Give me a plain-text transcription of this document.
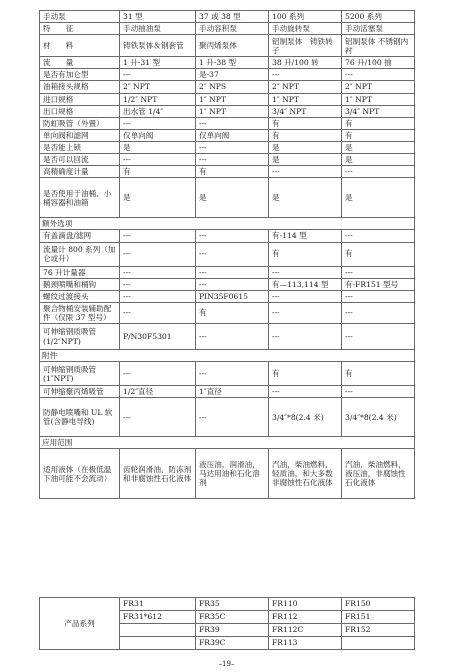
手动泵	31 型	37 或 38 型	100 系列	5200 系列
特　　征	手动抽油泵	手动容积泵	手动旋转泵	手动活塞泵
材　　料	铸铁泵体＆钢套管	聚丙烯泵体	铝制泵体　铸铁转子	铝制泵体 不锈钢内衬
流　　量	1 升-31 型	1 升-38 型	38 升/100 转	76 升/100 抽
是否有加仑型	---	是-37	---	---
油箱接头规格	2″ NPT	2″ NPS	2″ NPT	2″ NPT
进口规格	1/2″ NPT	1″ NPT	1″ NPT	1″ NPT
出口规格	出水管 1/4″	1″ NPT	3/4″ NPT	3/4″ NPT
防虹吸管（外置）	---	---	有	有
单向阀和滤网	仅单向阀	仅单向阀	有	有
是否能上锁	是	---	是	是
是否可以回流	---	---	是	是
高精确度计量	有	有	---	---
是否使用于油桶、小桶容器和油箱	是	是	是	是
额外选项				
有盖滴盘/滤网	---	---	有-114 型	---
流量计 800 系列（加仑或升）	---	---	有	有
76 升计量器	---	---	---	---
鹅颈喷嘴和桶钩	---	---	有—113,114 型	有-FR151 型号
螺纹过渡接头	---	PIN35F0615	---	---
聚合物桶安装辅助配件（仅限 37 型号）	---	有	---	---
可伸缩钢质吸管(1/2″NPT)	P/N30F5301	---	---	---
附件				
可伸缩钢质吸管(1″NPT)	---	---	有	有
可伸缩聚丙烯吸管	1/2″直径	1″直径	---	---
防静电喷嘴和 UL 软管(含静电导线)	---	---	3/4″*8(2.4 米)	3/4″*8(2.4 米)
应用范围				
适用液体（在极低温下油可能不会流动）	齿轮润滑油，防冻剂和非腐蚀性石化液体	液压油，润滑油，马达用油和石化溶剂	汽油，柴油燃料，轻质油，和大多数非腐蚀性石化液体	汽油，柴油燃料，液压油，非腐蚀性石化液体
产品系列	FR31	FR35	FR110	FR150
	FR31*612	FR35C	FR112	FR151
		FR39	FR112C	FR152
		FR39C	FR113	
–19–
